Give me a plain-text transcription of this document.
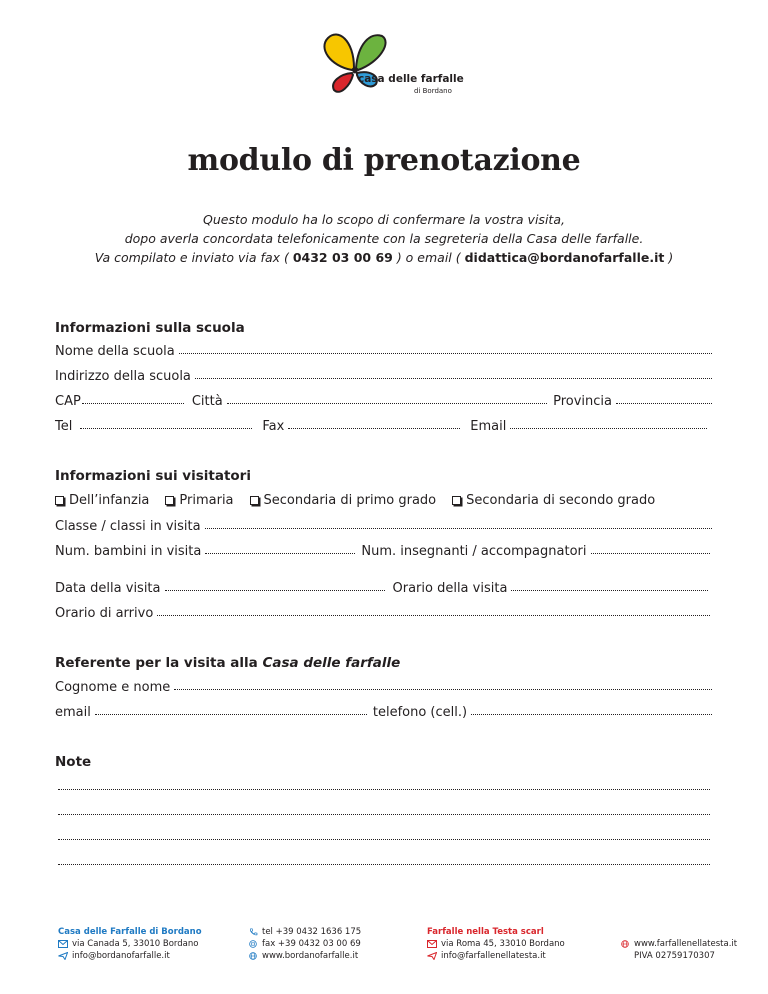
casa delle farfalle
di Bordano
modulo di prenotazione
Questo modulo ha lo scopo di confermare la vostra visita,
dopo averla concordata telefonicamente con la segreteria della Casa delle farfalle.
Va compilato e inviato via fax ( 0432 03 00 69 ) o email ( didattica@bordanofarfalle.it )
Informazioni sulla scuola
Nome della scuola
Indirizzo della scuola
CAP	Città	Provincia
Tel	Fax	Email
Informazioni sui visitatori
Dell’infanzia Primaria Secondaria di primo grado Secondaria di secondo grado
Classe / classi in visita
Num. bambini in visita	Num. insegnanti / accompagnatori
Data della visita	Orario della visita
Orario di arrivo
Referente per la visita alla Casa delle farfalle
Cognome e nome
email	telefono (cell.)
Note
Casa delle Farfalle di Bordano
via Canada 5, 33010 Bordano
info@bordanofarfalle.it
tel +39 0432 1636 175
fax +39 0432 03 00 69
www.bordanofarfalle.it
Farfalle nella Testa scarl
via Roma 45, 33010 Bordano
info@farfallenellatesta.it
www.farfallenellatesta.it
PIVA 02759170307
